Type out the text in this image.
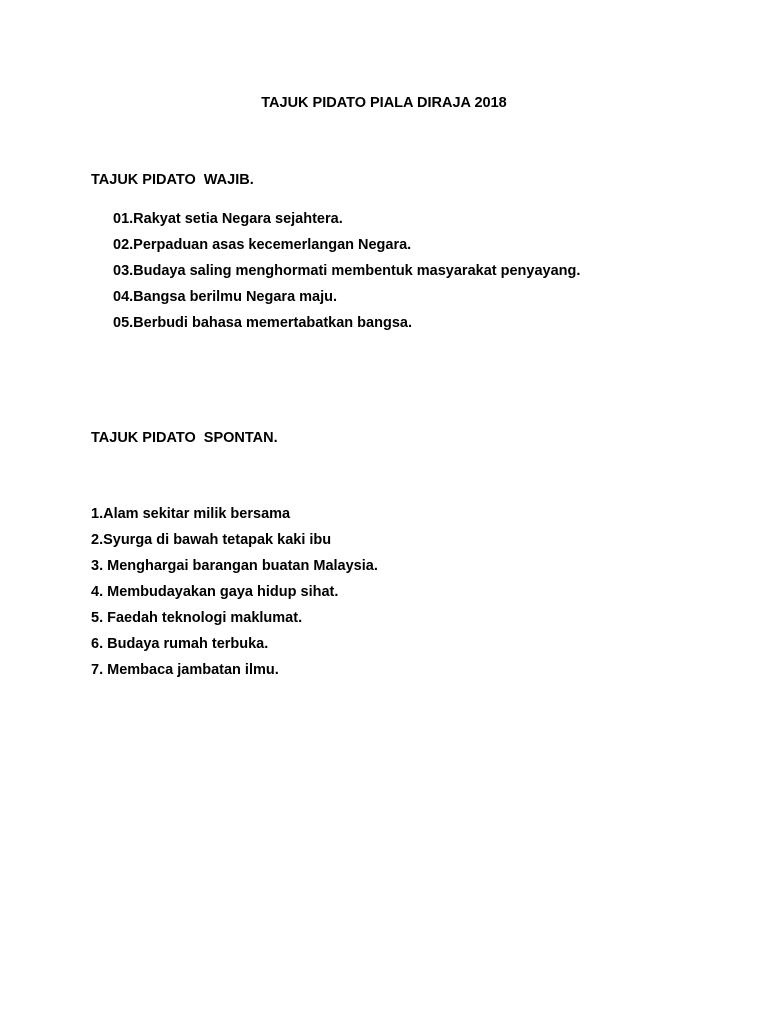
TAJUK PIDATO PIALA DIRAJA 2018
TAJUK PIDATO  WAJIB.
01.Rakyat setia Negara sejahtera.
02.Perpaduan asas kecemerlangan Negara.
03.Budaya saling menghormati membentuk masyarakat penyayang.
04.Bangsa berilmu Negara maju.
05.Berbudi bahasa memertabatkan bangsa.
TAJUK PIDATO  SPONTAN.
1.Alam sekitar milik bersama
2.Syurga di bawah tetapak kaki ibu
3. Menghargai barangan buatan Malaysia.
4. Membudayakan gaya hidup sihat.
5. Faedah teknologi maklumat.
6. Budaya rumah terbuka.
7. Membaca jambatan ilmu.
